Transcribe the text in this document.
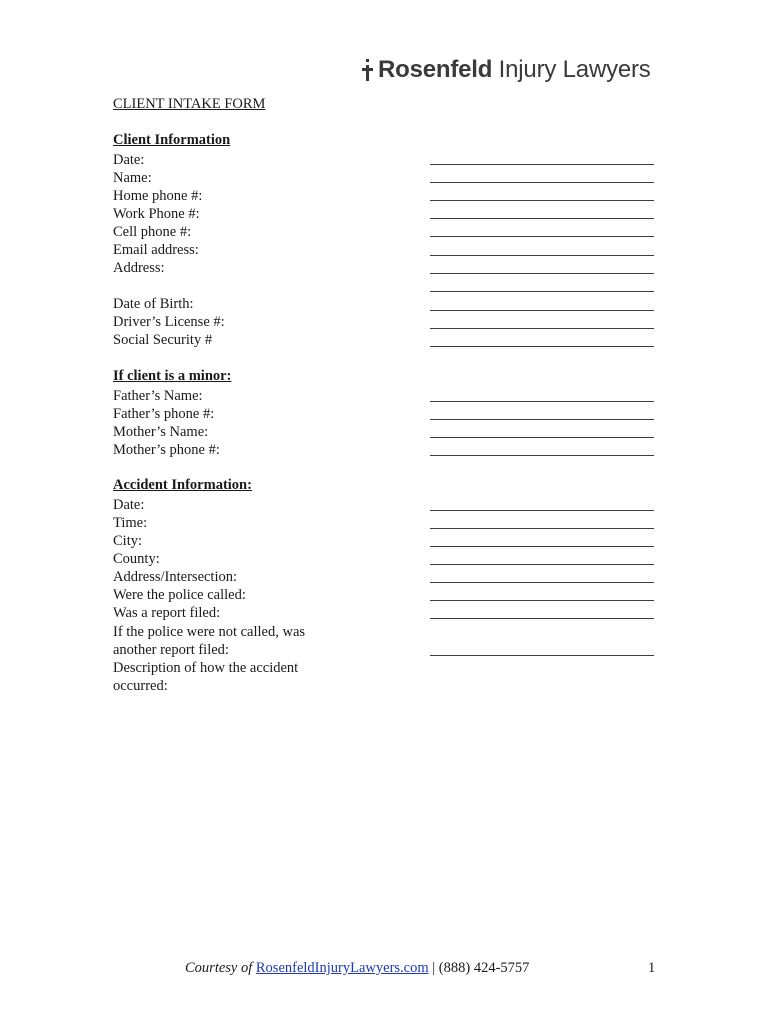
Rosenfeld Injury Lawyers
CLIENT INTAKE FORM
Client Information
Date:
Name:
Home phone #:
Work Phone #:
Cell phone #:
Email address:
Address:
Date of Birth:
Driver’s License #:
Social Security #
If client is a minor:
Father’s Name:
Father’s phone #:
Mother’s Name:
Mother’s phone #:
Accident Information:
Date:
Time:
City:
County:
Address/Intersection:
Were the police called:
Was a report filed:
If the police were not called, was
another report filed:
Description of how the accident
occurred:
Courtesy of RosenfeldInjuryLawyers.com | (888) 424-5757	1
